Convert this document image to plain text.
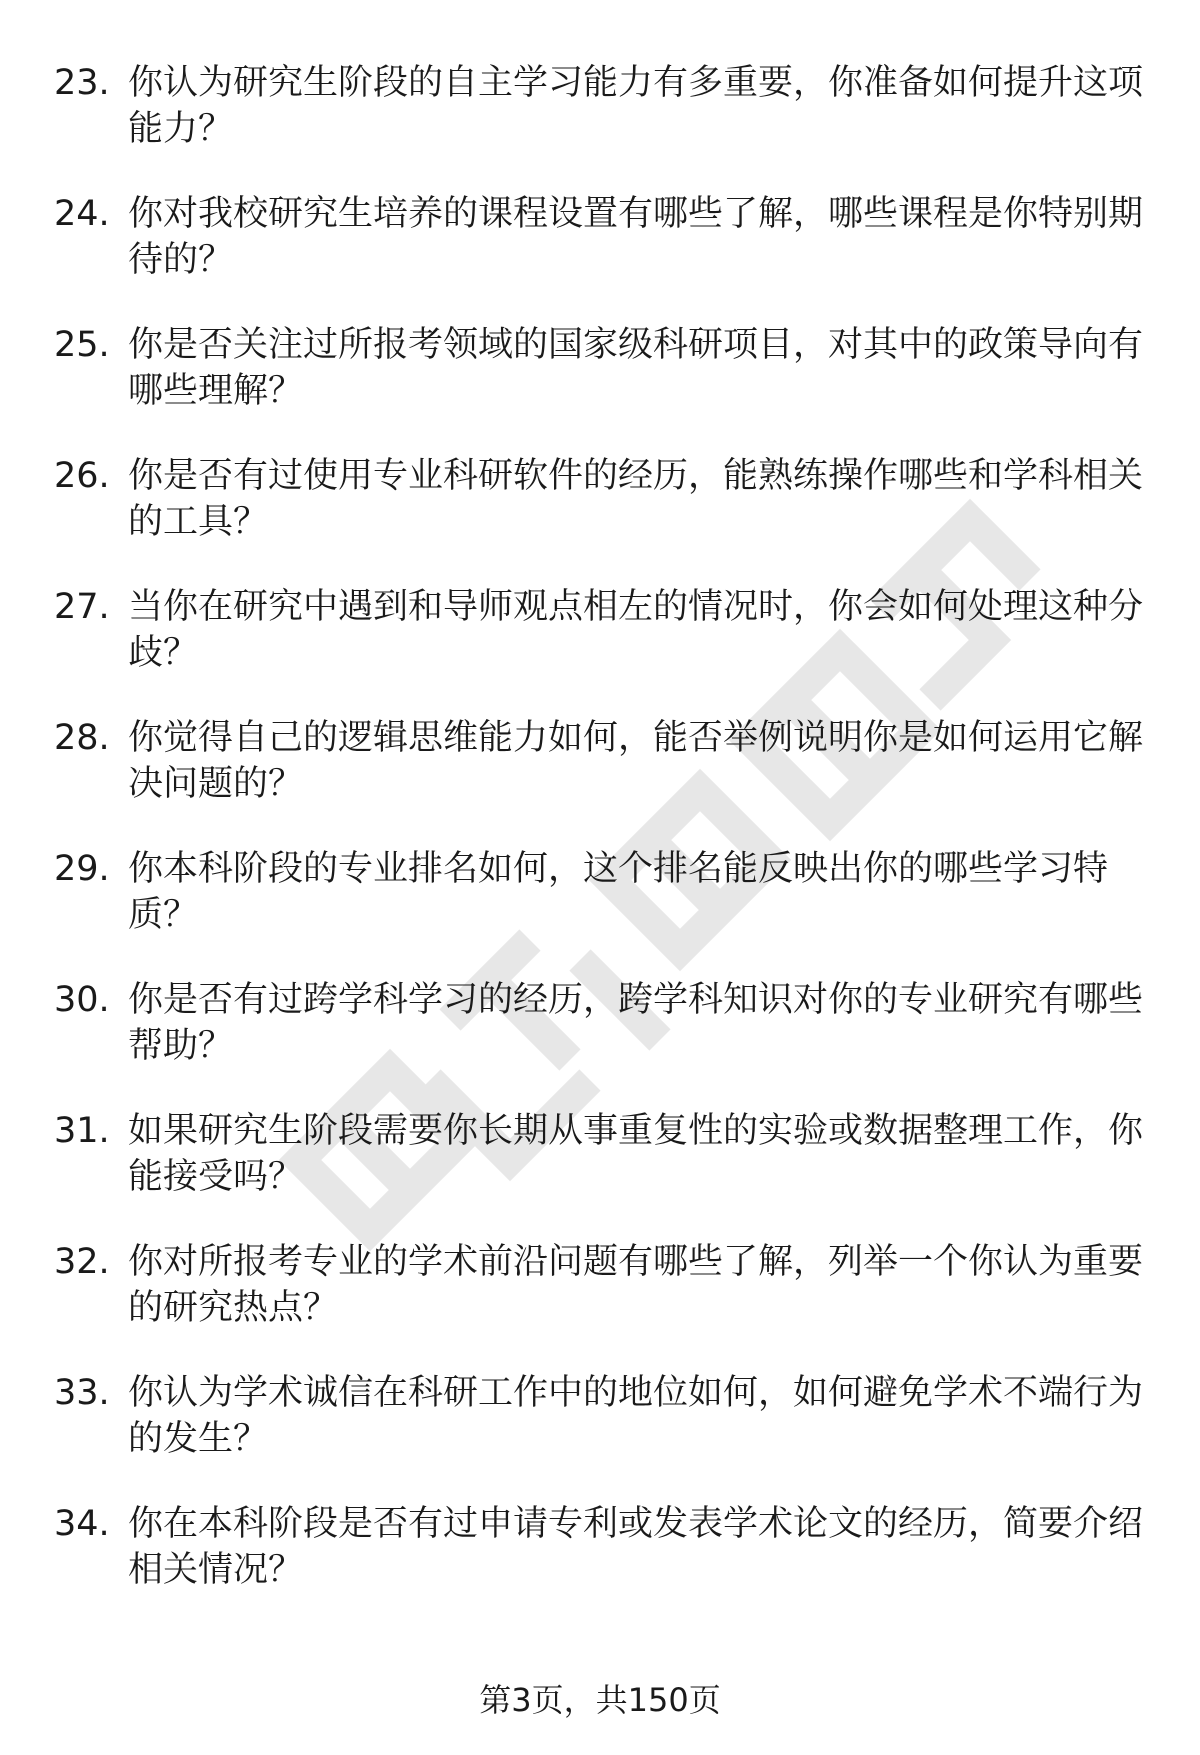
23. 你认为研究生阶段的自主学习能力有多重要，你准备如何提升这项能力？
24. 你对我校研究生培养的课程设置有哪些了解，哪些课程是你特别期待的？
25. 你是否关注过所报考领域的国家级科研项目，对其中的政策导向有哪些理解？
26. 你是否有过使用专业科研软件的经历，能熟练操作哪些和学科相关的工具？
27. 当你在研究中遇到和导师观点相左的情况时，你会如何处理这种分歧？
28. 你觉得自己的逻辑思维能力如何，能否举例说明你是如何运用它解决问题的？
29. 你本科阶段的专业排名如何，这个排名能反映出你的哪些学习特质？
30. 你是否有过跨学科学习的经历，跨学科知识对你的专业研究有哪些帮助？
31. 如果研究生阶段需要你长期从事重复性的实验或数据整理工作，你能接受吗？
32. 你对所报考专业的学术前沿问题有哪些了解，列举一个你认为重要的研究热点？
33. 你认为学术诚信在科研工作中的地位如何，如何避免学术不端行为的发生？
34. 你在本科阶段是否有过申请专利或发表学术论文的经历，简要介绍相关情况？
第3页，共150页
